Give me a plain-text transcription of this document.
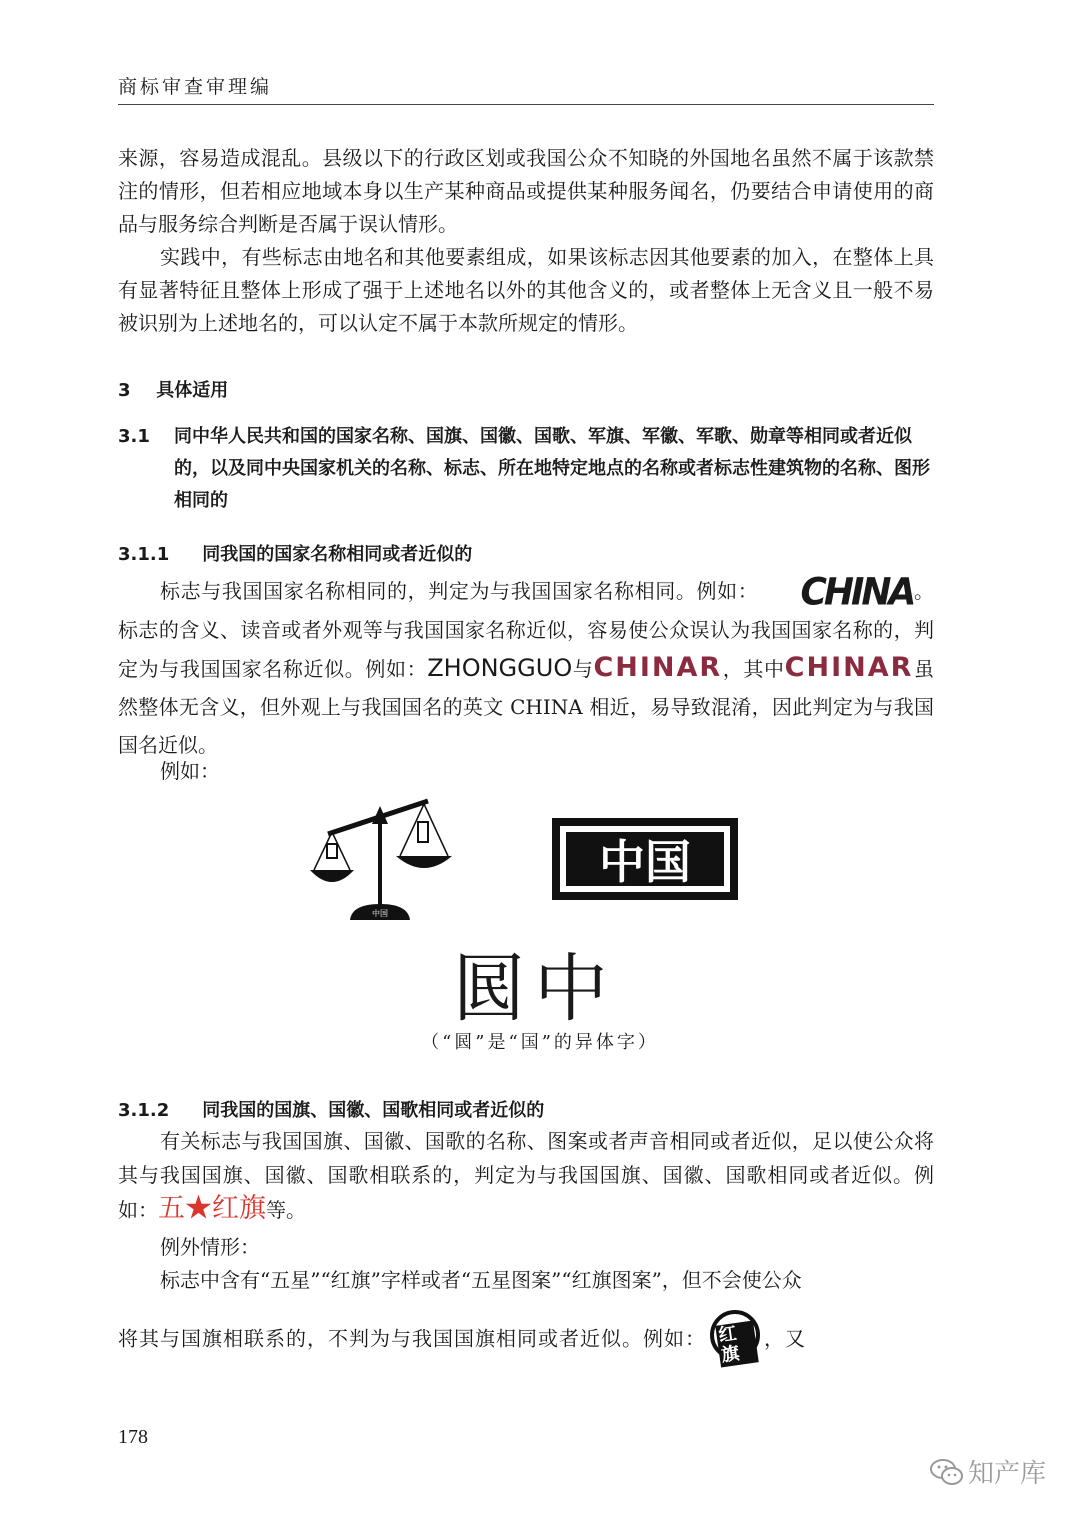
商标审查审理编

来源，容易造成混乱。县级以下的行政区划或我国公众不知晓的外国地名虽然不属于该款禁注的情形，但若相应地域本身以生产某种商品或提供某种服务闻名，仍要结合申请使用的商品与服务综合判断是否属于误认情形。

实践中，有些标志由地名和其他要素组成，如果该标志因其他要素的加入，在整体上具有显著特征且整体上形成了强于上述地名以外的其他含义的，或者整体上无含义且一般不易被识别为上述地名的，可以认定不属于本款所规定的情形。

3 具体适用
3.1 同中华人民共和国的国家名称、国旗、国徽、国歌、军旗、军徽、军歌、勋章等相同或者近似的，以及同中央国家机关的名称、标志、所在地特定地点的名称或者标志性建筑物的名称、图形相同的
3.1.1 同我国的国家名称相同或者近似的

标志与我国国家名称相同的，判定为与我国国家名称相同。例如： CHINA。标志的含义、读音或者外观等与我国国家名称近似，容易使公众误认为我国国家名称的，判定为与我国国家名称近似。例如：ZHONGGUO与CHINAR，其中CHINAR虽然整体无含义，但外观上与我国国名的英文 CHINA 相近，易导致混淆，因此判定为与我国国名近似。

例如：

中国
中国
囻中
（“囻”是“国”的异体字）
3.1.2 同我国的国旗、国徽、国歌相同或者近似的

有关标志与我国国旗、国徽、国歌的名称、图案或者声音相同或者近似，足以使公众将其与我国国旗、国徽、国歌相联系的，判定为与我国国旗、国徽、国歌相同或者近似。例如：五★红旗等。

例外情形：

标志中含有“五星”“红旗”字样或者“五星图案”“红旗图案”，但不会使公众

将其与国旗相联系的，不判为与我国国旗相同或者近似。例如： 红旗
，又

178
知产库
